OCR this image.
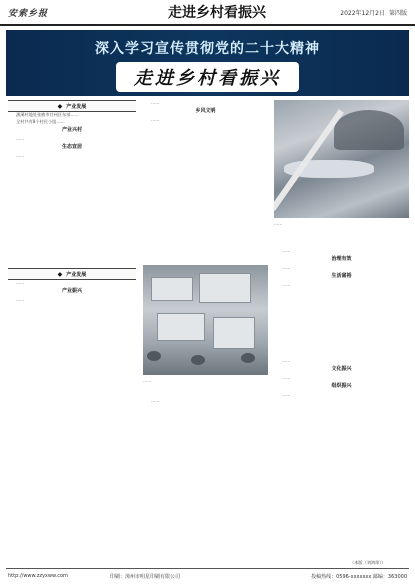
安索乡报	走进乡村看振兴	2022年12月2日 第四版
深入学习宣传贯彻党的二十大精神
走进乡村看振兴
◆ 产业发展

潘溪村地处张掖市甘州区东部……

全村共有8个村民小组……

产业兴村

……

生态宜居

……

……

乡风文明

……

……

……

治理有效

……

生活富裕

……

◆ 产业发展

……

产业振兴

……

……

……

……

文化振兴

……

组织振兴

……

（本版（刘鸿琼））
http://www.zzyxww.com	印刷：漳州市明星印刷有限公司	投稿热线：0596-xxxxxxx 邮编：363000
